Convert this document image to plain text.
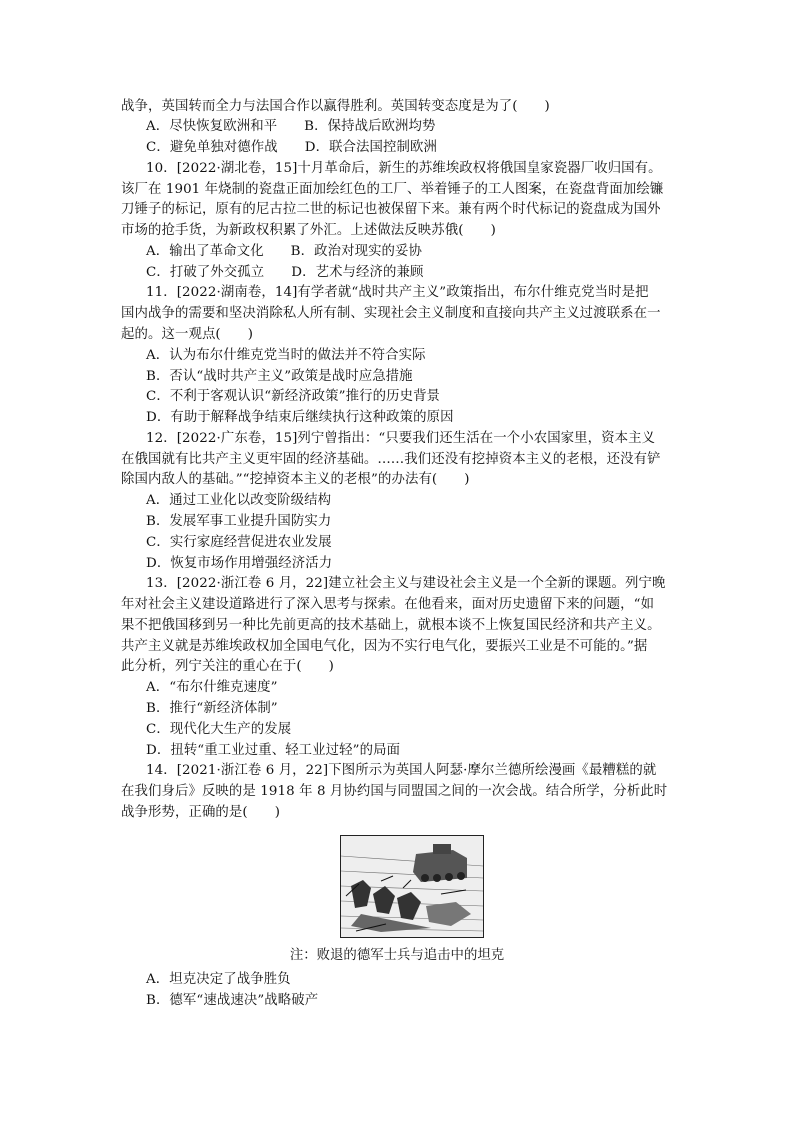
战争，英国转而全力与法国合作以赢得胜利。英国转变态度是为了(　　)
A．尽快恢复欧洲和平　　B．保持战后欧洲均势
C．避免单独对德作战　　D．联合法国控制欧洲
10．[2022·湖北卷，15]十月革命后，新生的苏维埃政权将俄国皇家瓷器厂收归国有。
该厂在 1901 年烧制的瓷盘正面加绘红色的工厂、举着锤子的工人图案，在瓷盘背面加绘镰
刀锤子的标记，原有的尼古拉二世的标记也被保留下来。兼有两个时代标记的瓷盘成为国外
市场的抢手货，为新政权积累了外汇。上述做法反映苏俄(　　)
A．输出了革命文化　　B．政治对现实的妥协
C．打破了外交孤立　　D．艺术与经济的兼顾
11．[2022·湖南卷，14]有学者就“战时共产主义”政策指出，布尔什维克党当时是把
国内战争的需要和坚决消除私人所有制、实现社会主义制度和直接向共产主义过渡联系在一
起的。这一观点(　　)
A．认为布尔什维克党当时的做法并不符合实际
B．否认“战时共产主义”政策是战时应急措施
C．不利于客观认识“新经济政策”推行的历史背景
D．有助于解释战争结束后继续执行这种政策的原因
12．[2022·广东卷，15]列宁曾指出：“只要我们还生活在一个小农国家里，资本主义
在俄国就有比共产主义更牢固的经济基础。……我们还没有挖掉资本主义的老根，还没有铲
除国内敌人的基础。”“挖掉资本主义的老根”的办法有(　　)
A．通过工业化以改变阶级结构
B．发展军事工业提升国防实力
C．实行家庭经营促进农业发展
D．恢复市场作用增强经济活力
13．[2022·浙江卷 6 月，22]建立社会主义与建设社会主义是一个全新的课题。列宁晚
年对社会主义建设道路进行了深入思考与探索。在他看来，面对历史遗留下来的问题，“如
果不把俄国移到另一种比先前更高的技术基础上，就根本谈不上恢复国民经济和共产主义。
共产主义就是苏维埃政权加全国电气化，因为不实行电气化，要振兴工业是不可能的。”据
此分析，列宁关注的重心在于(　　)
A．“布尔什维克速度”
B．推行“新经济体制”
C．现代化大生产的发展
D．扭转“重工业过重、轻工业过轻”的局面
14．[2021·浙江卷 6 月，22]下图所示为英国人阿瑟·摩尔兰德所绘漫画《最糟糕的就
在我们身后》反映的是 1918 年 8 月协约国与同盟国之间的一次会战。结合所学，分析此时
战争形势，正确的是(　　)
注：败退的德军士兵与追击中的坦克
A．坦克决定了战争胜负
B．德军“速战速决”战略破产
